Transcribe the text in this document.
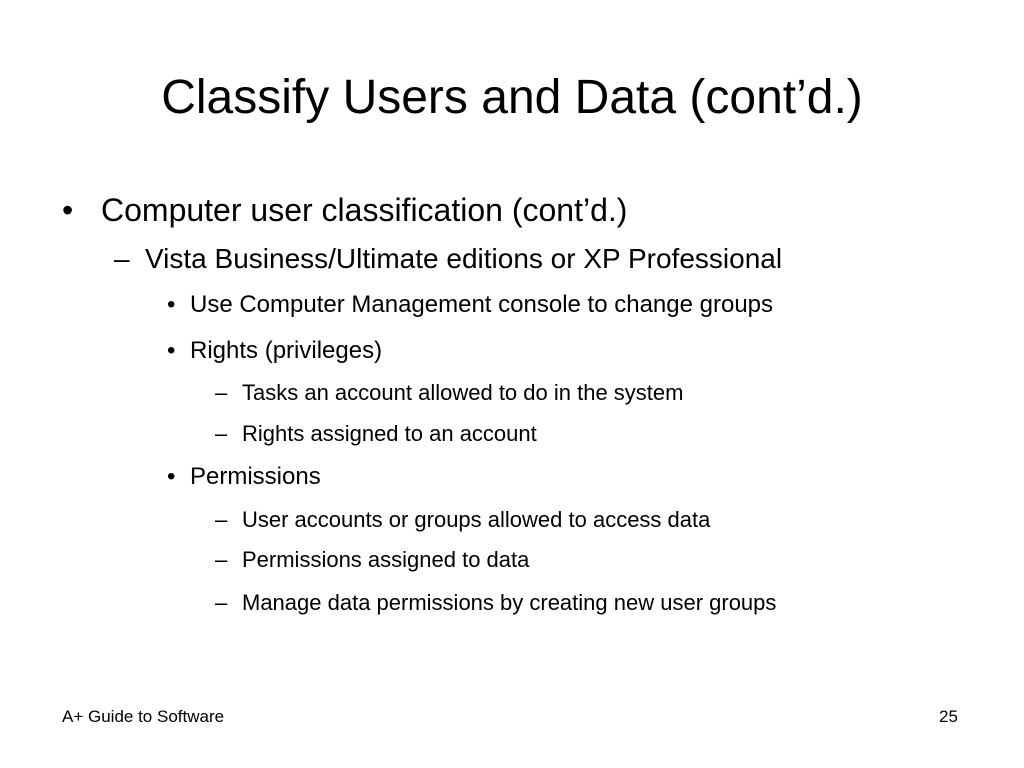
Classify Users and Data (cont’d.)
• Computer user classification (cont’d.)
– Vista Business/Ultimate editions or XP Professional
• Use Computer Management console to change groups
• Rights (privileges)
– Tasks an account allowed to do in the system
– Rights assigned to an account
• Permissions
– User accounts or groups allowed to access data
– Permissions assigned to data
– Manage data permissions by creating new user groups
A+ Guide to Software	25
